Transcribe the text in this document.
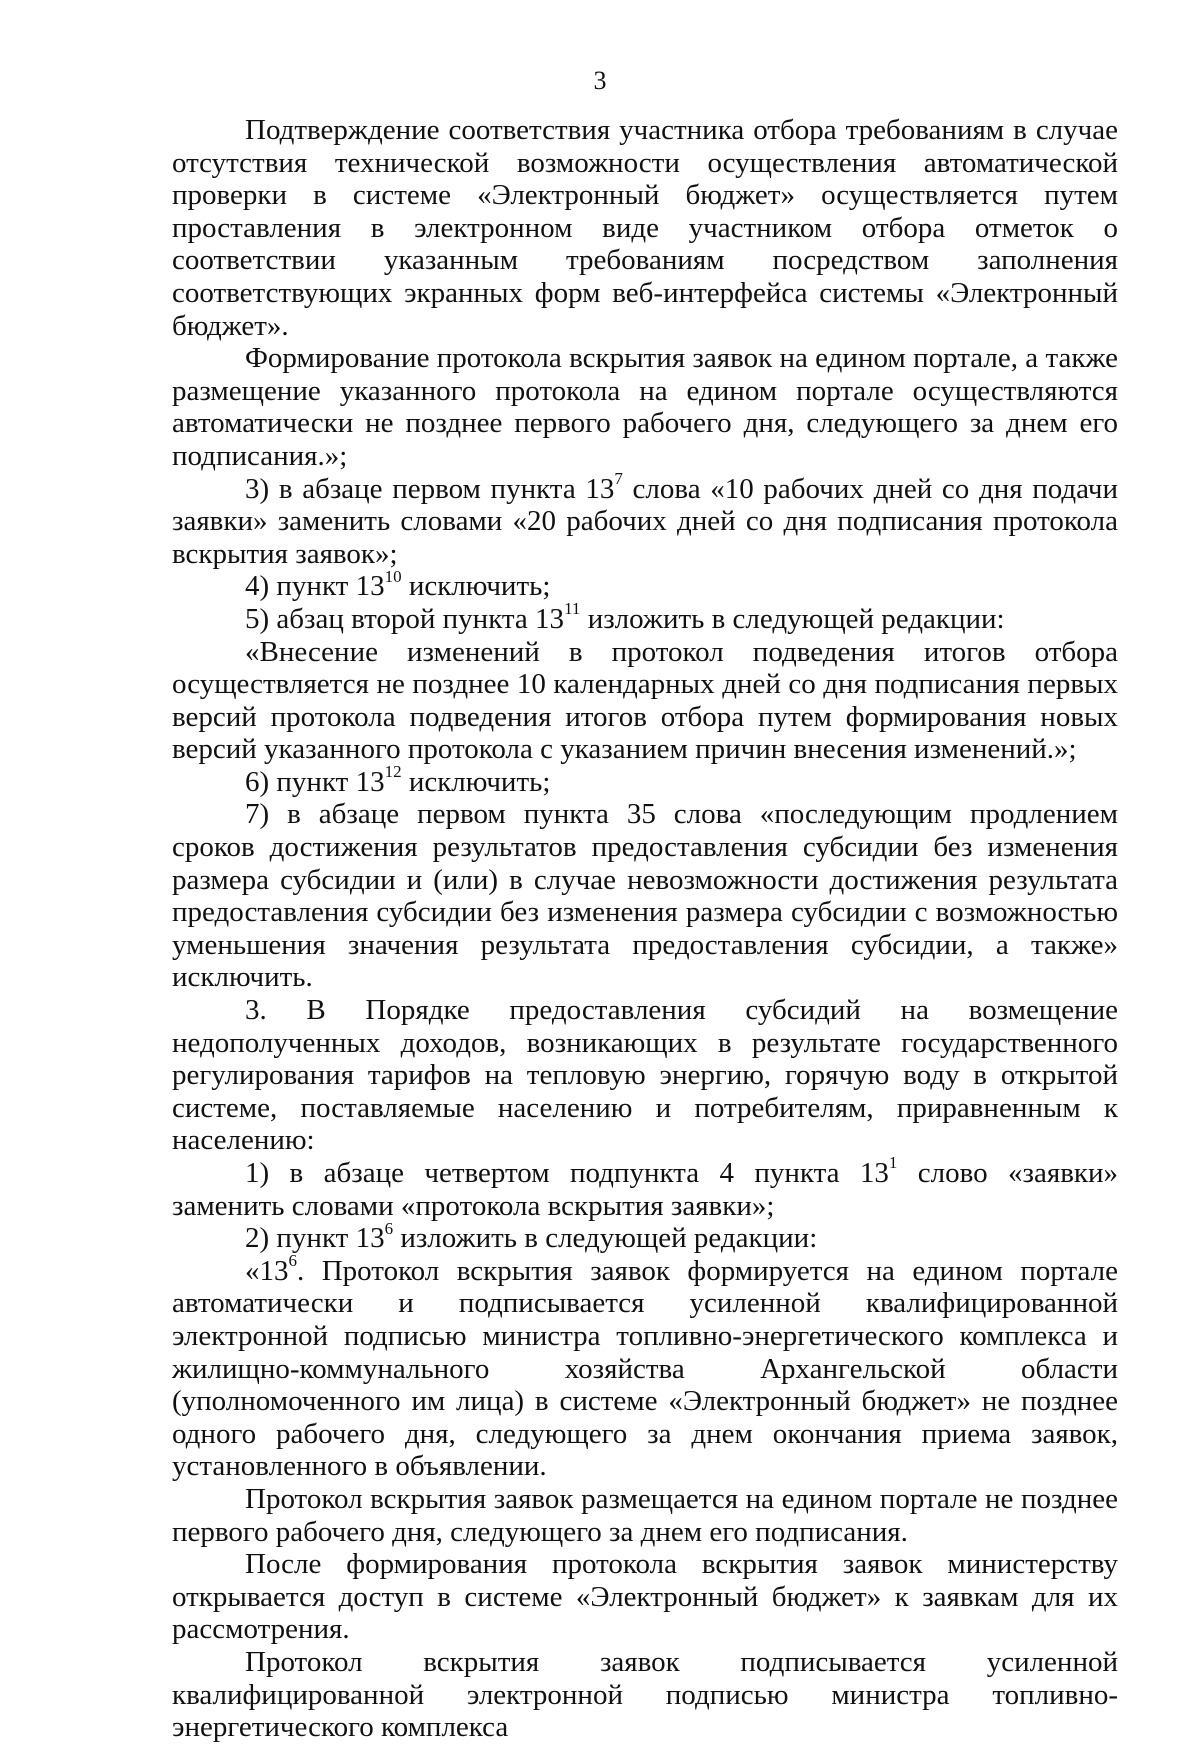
3

Подтверждение соответствия участника отбора требованиям в случае отсутствия технической возможности осуществления автоматической проверки в системе «Электронный бюджет» осуществляется путем проставления в электронном виде участником отбора отметок о соответствии указанным требованиям посредством заполнения соответствующих экранных форм веб-интерфейса системы «Электронный бюджет».

Формирование протокола вскрытия заявок на едином портале, а также размещение указанного протокола на едином портале осуществляются автоматически не позднее первого рабочего дня, следующего за днем его подписания.»;

3) в абзаце первом пункта $13^7$ слова «10 рабочих дней со дня подачи заявки» заменить словами «20 рабочих дней со дня подписания протокола вскрытия заявок»;

4) пункт $13^{10}$ исключить;

5) абзац второй пункта $13^{11}$ изложить в следующей редакции:

«Внесение изменений в протокол подведения итогов отбора осуществляется не позднее 10 календарных дней со дня подписания первых версий протокола подведения итогов отбора путем формирования новых версий указанного протокола с указанием причин внесения изменений.»;

6) пункт $13^{12}$ исключить;

7) в абзаце первом пункта 35 слова «последующим продлением сроков достижения результатов предоставления субсидии без изменения размера субсидии и (или) в случае невозможности достижения результата предоставления субсидии без изменения размера субсидии с возможностью уменьшения значения результата предоставления субсидии, а также» исключить.

3. В Порядке предоставления субсидий на возмещение недополученных доходов, возникающих в результате государственного регулирования тарифов на тепловую энергию, горячую воду в открытой системе, поставляемые населению и потребителям, приравненным к населению:

1) в абзаце четвертом подпункта 4 пункта $13^1$ слово «заявки» заменить словами «протокола вскрытия заявки»;

2) пункт $13^6$ изложить в следующей редакции:

«$13^6$. Протокол вскрытия заявок формируется на едином портале автоматически и подписывается усиленной квалифицированной электронной подписью министра топливно-энергетического комплекса и жилищно-коммунального хозяйства Архангельской области (уполномоченного им лица) в системе «Электронный бюджет» не позднее одного рабочего дня, следующего за днем окончания приема заявок, установленного в объявлении.

Протокол вскрытия заявок размещается на едином портале не позднее первого рабочего дня, следующего за днем его подписания.

После формирования протокола вскрытия заявок министерству открывается доступ в системе «Электронный бюджет» к заявкам для их рассмотрения.

Протокол вскрытия заявок подписывается усиленной квалифицированной электронной подписью министра топливно-энергетического комплекса
